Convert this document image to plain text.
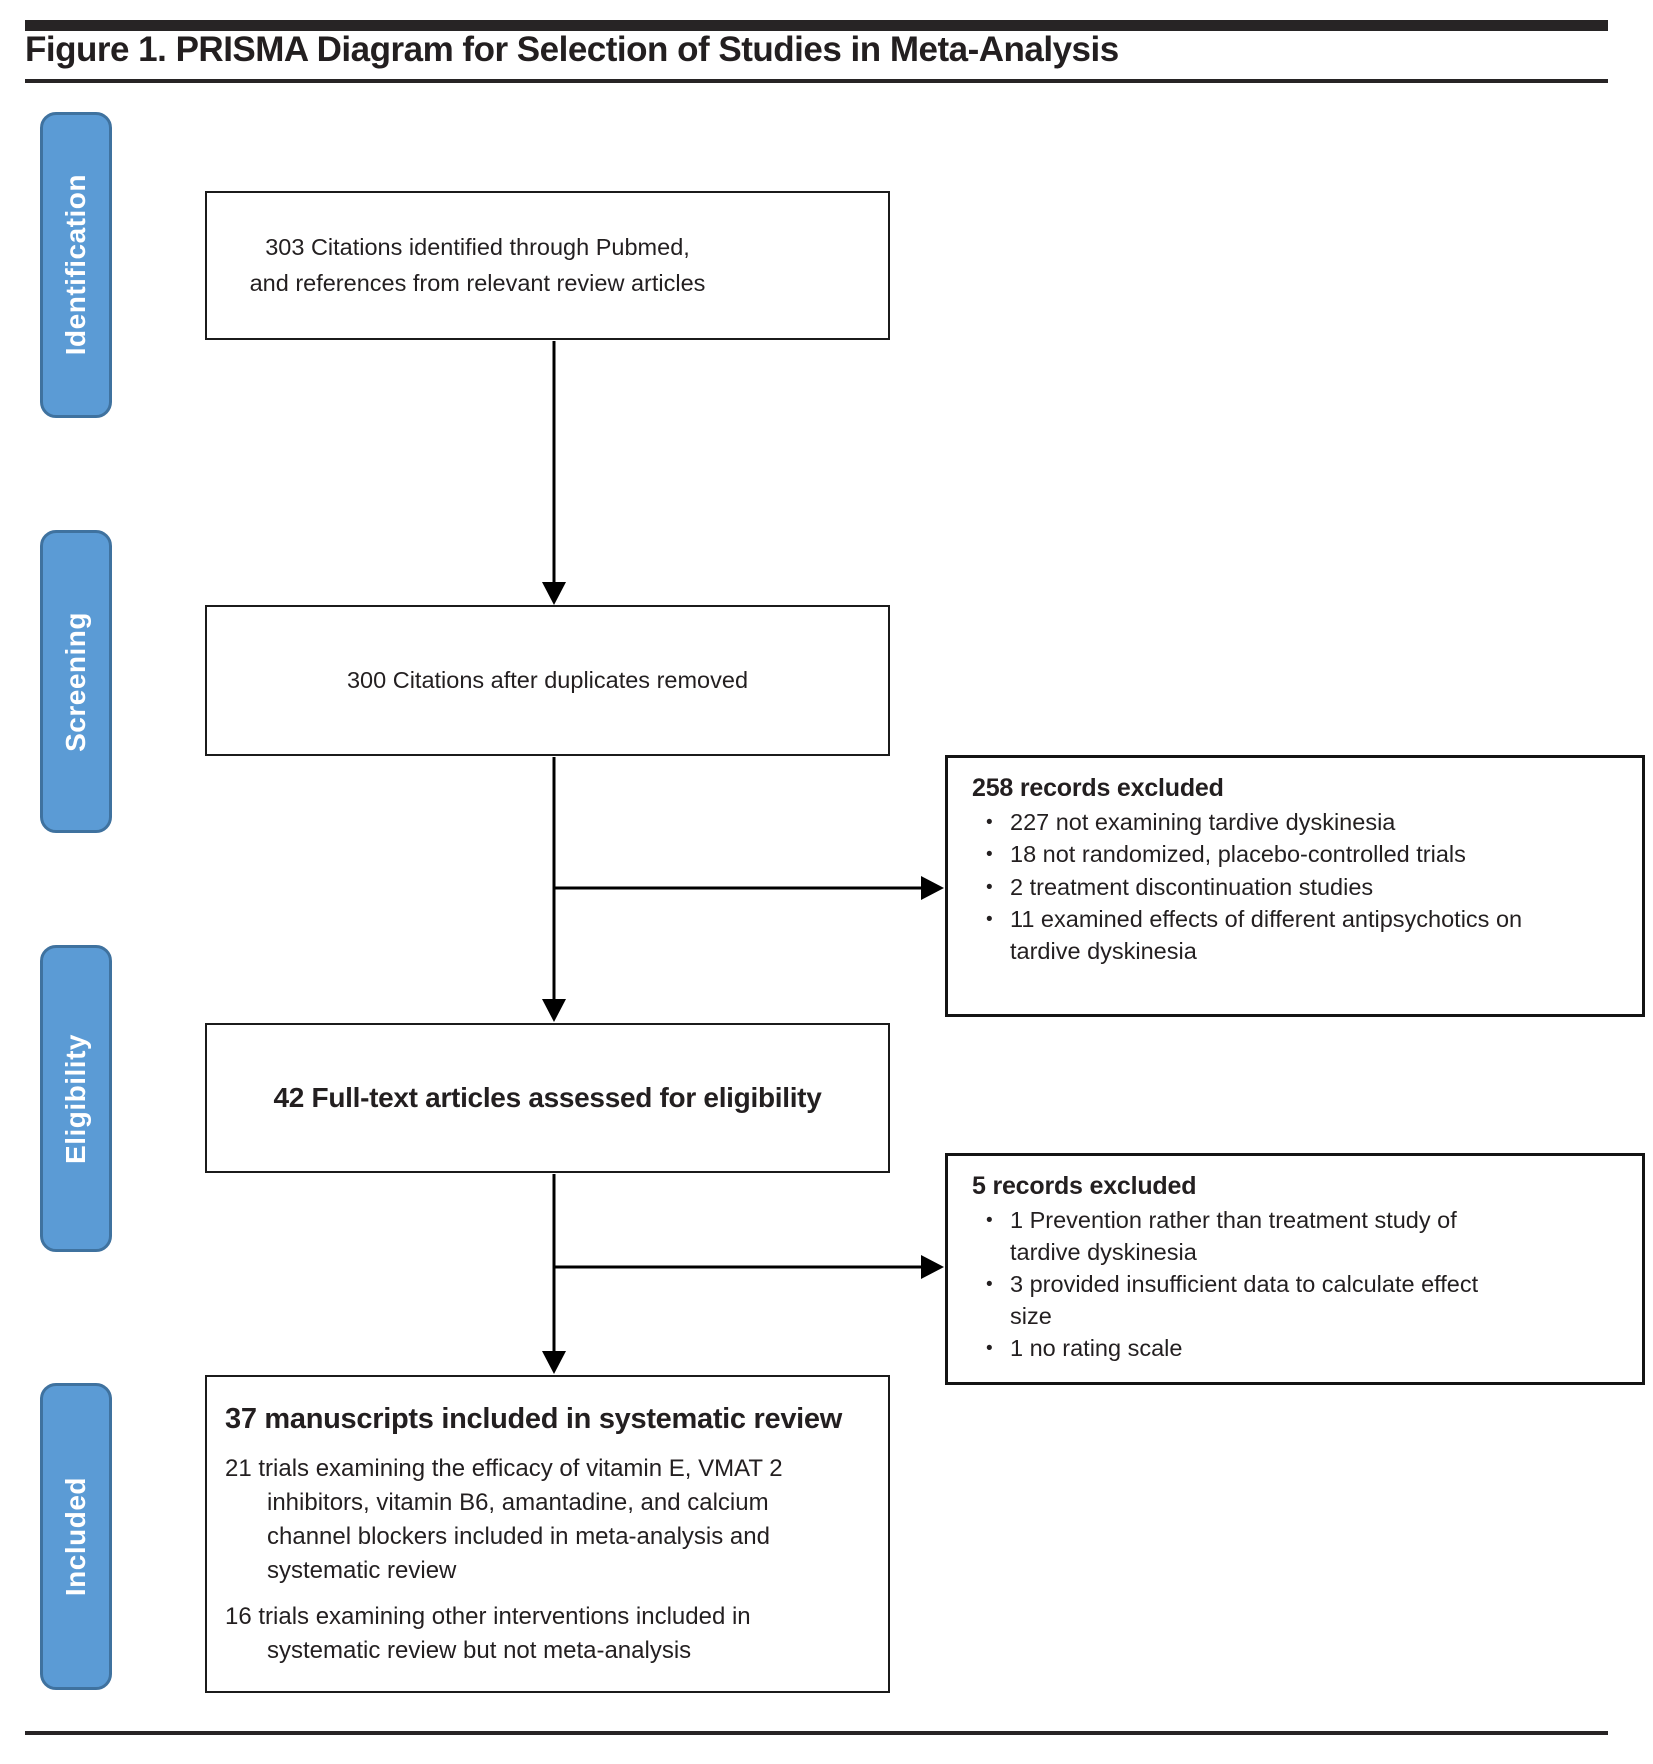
Figure 1. PRISMA Diagram for Selection of Studies in Meta-Analysis
Identification
Screening
Eligibility
Included
303 Citations identified through Pubmed,
and references from relevant review articles
300 Citations after duplicates removed
258 records excluded
• 227 not examining tardive dyskinesia
• 18 not randomized, placebo-controlled trials
• 2 treatment discontinuation studies
• 11 examined effects of different antipsychotics on tardive dyskinesia
42 Full-text articles assessed for eligibility
5 records excluded
• 1 Prevention rather than treatment study of tardive dyskinesia
• 3 provided insufficient data to calculate effect size
• 1 no rating scale
37 manuscripts included in systematic review

21 trials examining the efficacy of vitamin E, VMAT 2 inhibitors, vitamin B6, amantadine, and calcium channel blockers included in meta-analysis and systematic review

16 trials examining other interventions included in systematic review but not meta-analysis
